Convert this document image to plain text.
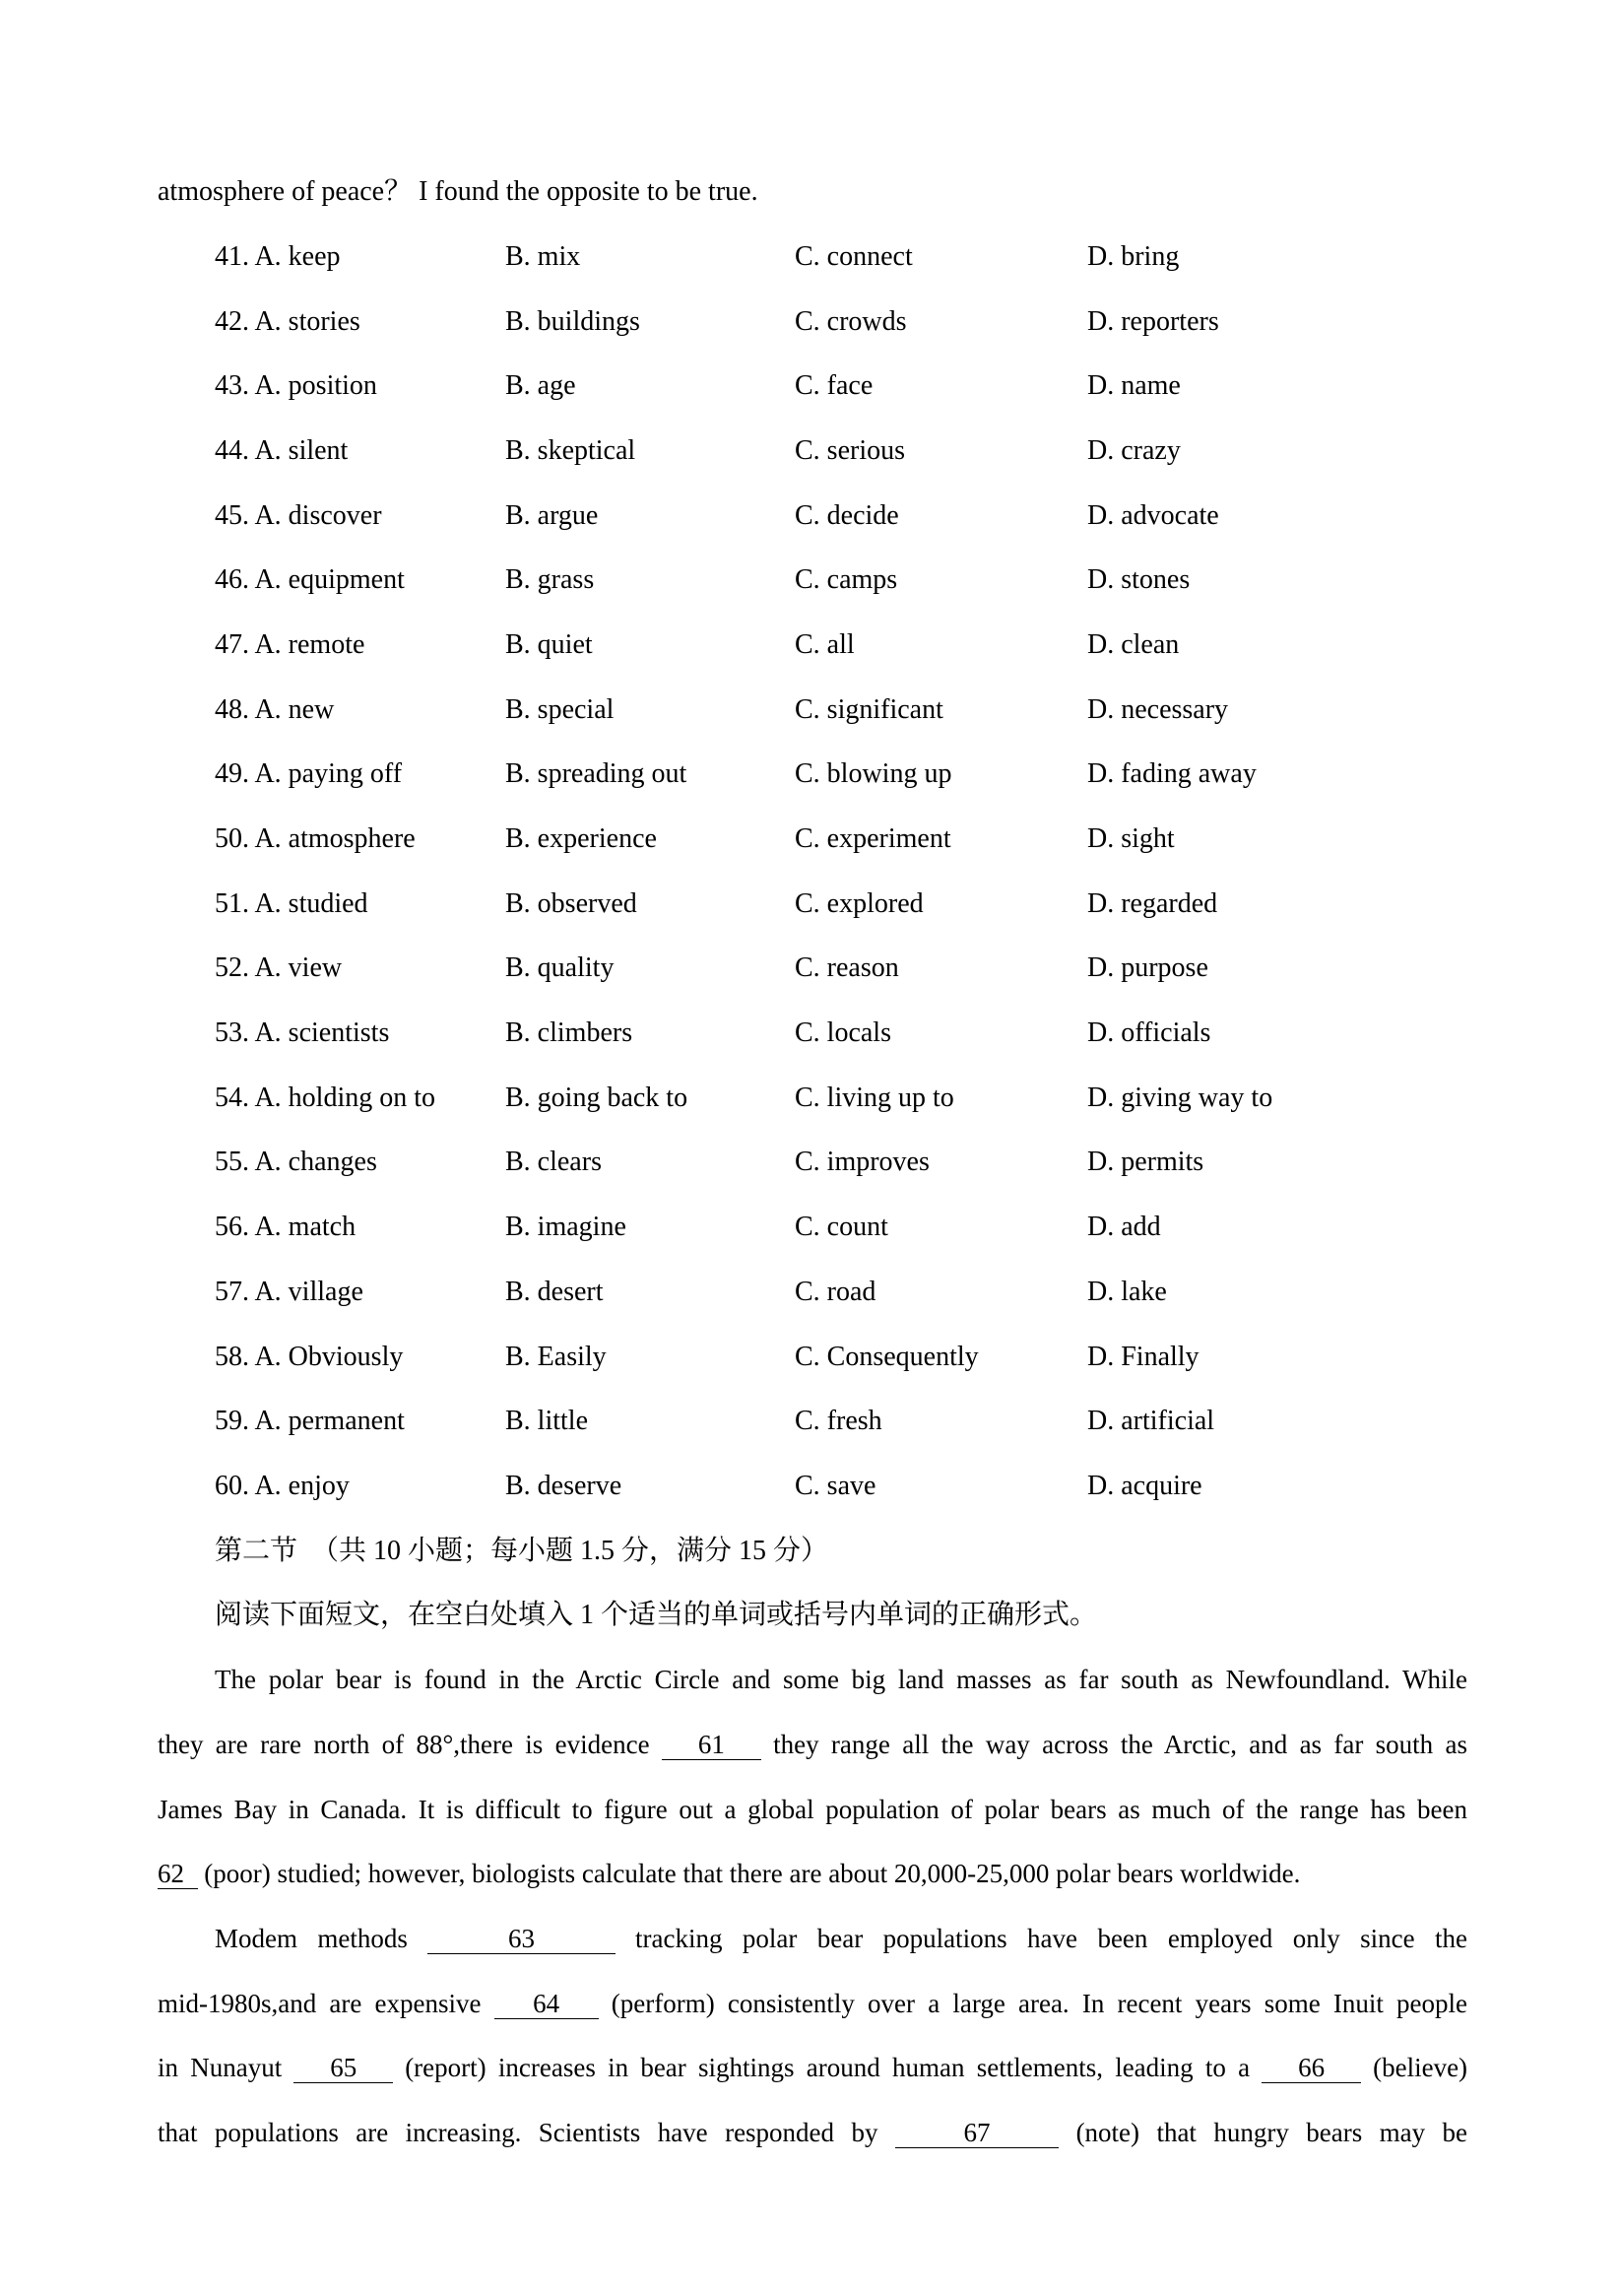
atmosphere of peace？ I found the opposite to be true.

41. A. keep	B. mix	C. connect	D. bring
42. A. stories	B. buildings	C. crowds	D. reporters
43. A. position	B. age	C. face	D. name
44. A. silent	B. skeptical	C. serious	D. crazy
45. A. discover	B. argue	C. decide	D. advocate
46. A. equipment	B. grass	C. camps	D. stones
47. A. remote	B. quiet	C. all	D. clean
48. A. new	B. special	C. significant	D. necessary
49. A. paying off	B. spreading out	C. blowing up	D. fading away
50. A. atmosphere	B. experience	C. experiment	D. sight
51. A. studied	B. observed	C. explored	D. regarded
52. A. view	B. quality	C. reason	D. purpose
53. A. scientists	B. climbers	C. locals	D. officials
54. A. holding on to	B. going back to	C. living up to	D. giving way to
55. A. changes	B. clears	C. improves	D. permits
56. A. match	B. imagine	C. count	D. add
57. A. village	B. desert	C. road	D. lake
58. A. Obviously	B. Easily	C. Consequently	D. Finally
59. A. permanent	B. little	C. fresh	D. artificial
60. A. enjoy	B. deserve	C. save	D. acquire

第二节　（共 10 小题；每小题 1.5 分，满分 15 分）

阅读下面短文，在空白处填入 1 个适当的单词或括号内单词的正确形式。

The polar bear is found in the Arctic Circle and some big land masses as far south as Newfoundland. While
they are rare north of 88°,there is evidence    61    they range all the way across the Arctic, and as far south as
James Bay in Canada. It is difficult to figure out a global population of polar bears as much of the range has been
62   (poor) studied; however, biologists calculate that there are about 20,000-25,000 polar bears worldwide.
Modem methods     63     tracking polar bear populations have been employed only since the
mid-1980s,and are expensive    64    (perform) consistently over a large area. In recent years some Inuit people
in Nunayut    65    (report) increases in bear sightings around human settlements, leading to a    66    (believe)
that populations are increasing. Scientists have responded by     67     (note) that hungry bears may be
